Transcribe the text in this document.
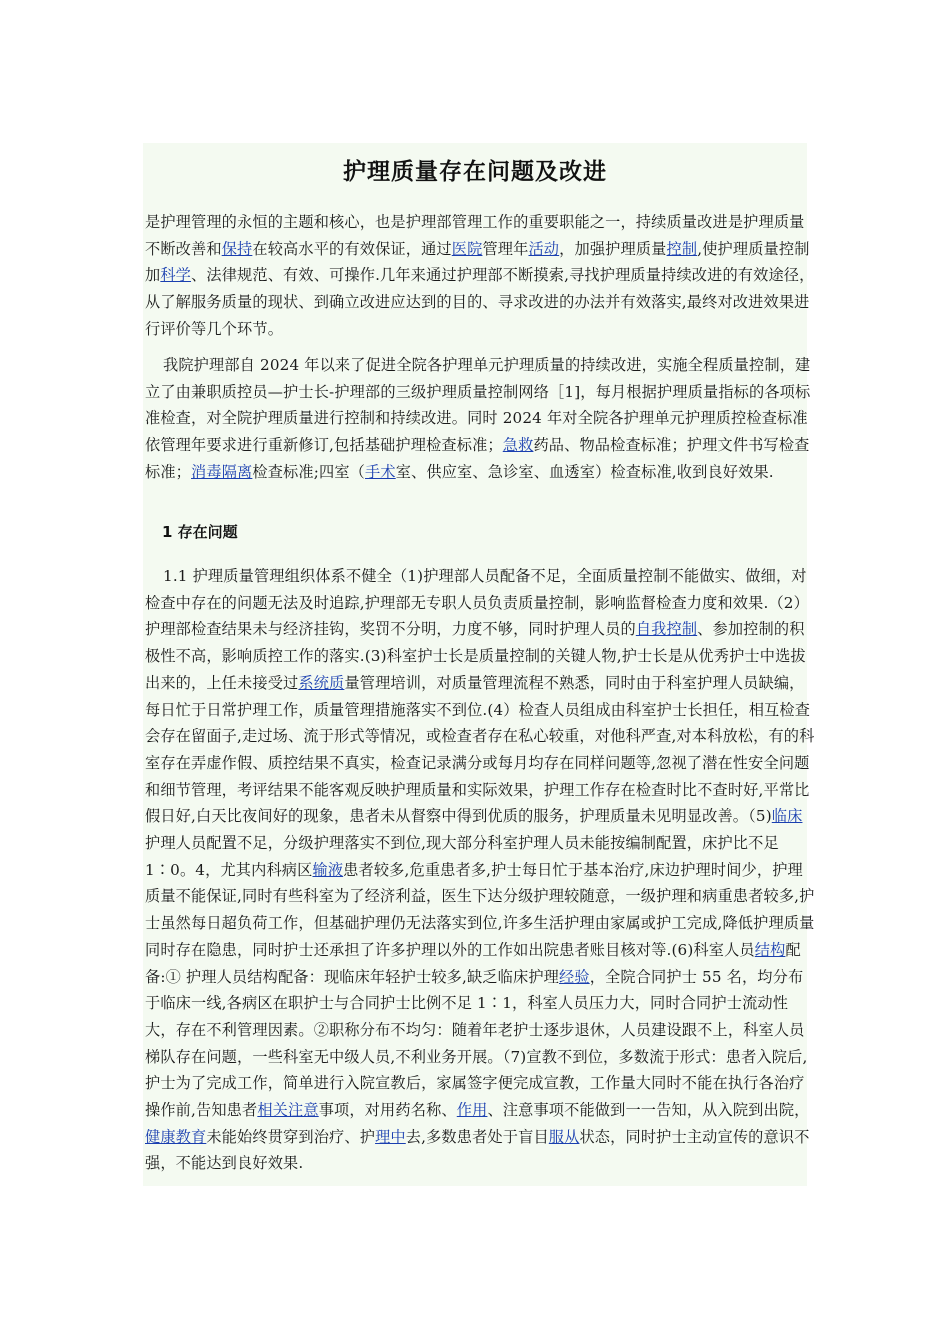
护理质量存在问题及改进

是护理管理的永恒的主题和核心，也是护理部管理工作的重要职能之一，持续质量改进是护理质量不断改善和保持在较高水平的有效保证，通过医院管理年活动，加强护理质量控制,使护理质量控制加科学、法律规范、有效、可操作.几年来通过护理部不断摸索,寻找护理质量持续改进的有效途径，从了解服务质量的现状、到确立改进应达到的目的、寻求改进的办法并有效落实,最终对改进效果进行评价等几个环节。

我院护理部自 2024 年以来了促进全院各护理单元护理质量的持续改进，实施全程质量控制，建立了由兼职质控员—护士长-护理部的三级护理质量控制网络［1]，每月根据护理质量指标的各项标准检查，对全院护理质量进行控制和持续改进。同时 2024 年对全院各护理单元护理质控检查标准依管理年要求进行重新修订,包括基础护理检查标准；急救药品、物品检查标准；护理文件书写检查标准；消毒隔离检查标准;四室（手术室、供应室、急诊室、血透室）检查标准,收到良好效果.

1 存在问题

1.1 护理质量管理组织体系不健全（1)护理部人员配备不足，全面质量控制不能做实、做细，对检查中存在的问题无法及时追踪,护理部无专职人员负责质量控制，影响监督检查力度和效果.（2）护理部检查结果未与经济挂钩，奖罚不分明，力度不够，同时护理人员的自我控制、参加控制的积极性不高，影响质控工作的落实.(3)科室护士长是质量控制的关键人物,护士长是从优秀护士中选拔出来的，上任未接受过系统质量管理培训，对质量管理流程不熟悉，同时由于科室护理人员缺编，每日忙于日常护理工作，质量管理措施落实不到位.(4）检查人员组成由科室护士长担任，相互检查会存在留面子,走过场、流于形式等情况，或检查者存在私心较重，对他科严查,对本科放松，有的科室存在弄虚作假、质控结果不真实，检查记录满分或每月均存在同样问题等,忽视了潜在性安全问题和细节管理，考评结果不能客观反映护理质量和实际效果，护理工作存在检查时比不查时好,平常比假日好,白天比夜间好的现象，患者未从督察中得到优质的服务，护理质量未见明显改善。（5)临床护理人员配置不足，分级护理落实不到位,现大部分科室护理人员未能按编制配置，床护比不足 1∶0。4，尤其内科病区输液患者较多,危重患者多,护士每日忙于基本治疗,床边护理时间少，护理质量不能保证,同时有些科室为了经济利益，医生下达分级护理较随意，一级护理和病重患者较多,护士虽然每日超负荷工作，但基础护理仍无法落实到位,许多生活护理由家属或护工完成,降低护理质量同时存在隐患，同时护士还承担了许多护理以外的工作如出院患者账目核对等.(6)科室人员结构配备:① 护理人员结构配备：现临床年轻护士较多,缺乏临床护理经验，全院合同护士 55 名，均分布于临床一线,各病区在职护士与合同护士比例不足 1∶1，科室人员压力大，同时合同护士流动性大，存在不利管理因素。②职称分布不均匀：随着年老护士逐步退休，人员建设跟不上，科室人员梯队存在问题，一些科室无中级人员,不利业务开展。（7)宣教不到位，多数流于形式：患者入院后,护士为了完成工作，简单进行入院宣教后，家属签字便完成宣教，工作量大同时不能在执行各治疗操作前,告知患者相关注意事项，对用药名称、作用、注意事项不能做到一一告知，从入院到出院，健康教育未能始终贯穿到治疗、护理中去,多数患者处于盲目服从状态，同时护士主动宣传的意识不强，不能达到良好效果.
